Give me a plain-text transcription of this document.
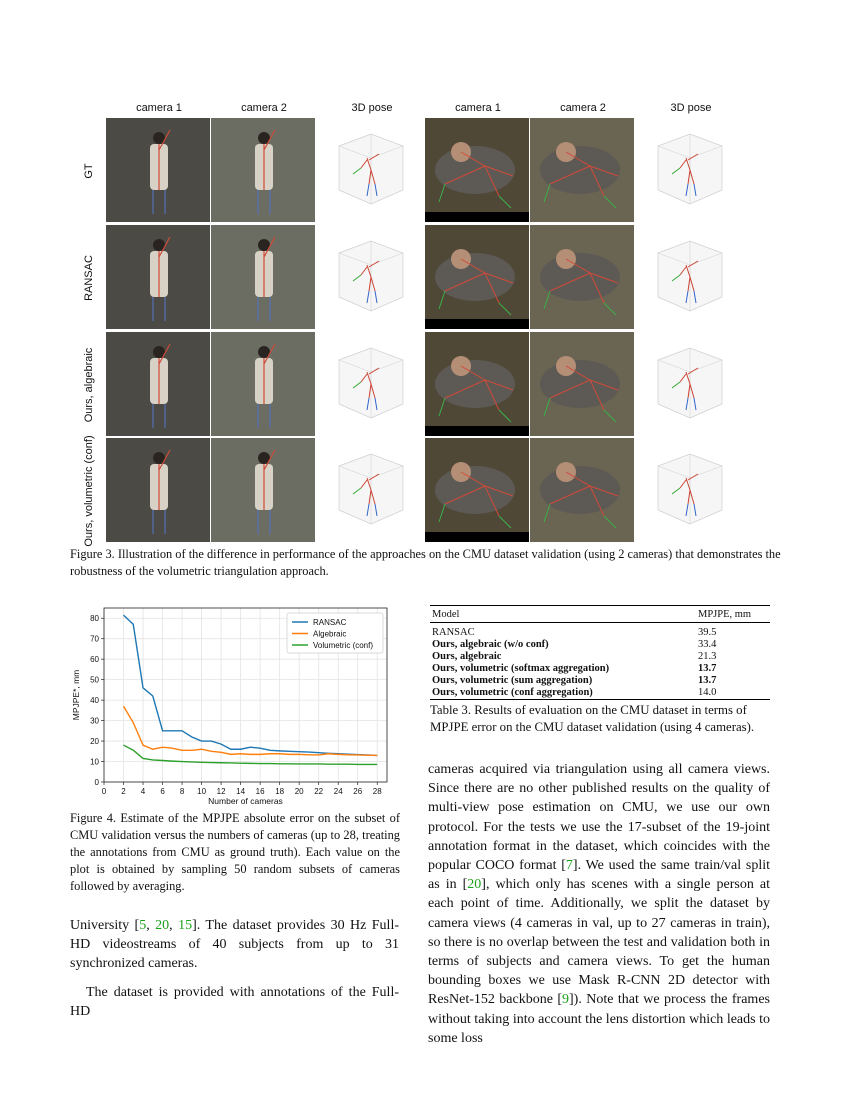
camera 1	camera 2	3D pose	camera 1	camera 2	3D pose
GT
RANSAC
Ours, algebraic
Ours, volumetric (conf)
Figure 3. Illustration of the difference in performance of the approaches on the CMU dataset validation (using 2 cameras) that demonstrates the robustness of the volumetric triangulation approach.
0 2 4 6 8 10 12 14 16 18 20 22 24 26 28
0
10
20
30
40
50
60
70
80
Number of cameras
MPJPE*, mm
RANSAC
Algebraic
Volumetric (conf)
Figure 4. Estimate of the MPJPE absolute error on the subset of CMU validation versus the numbers of cameras (up to 28, treating the annotations from CMU as ground truth). Each value on the plot is obtained by sampling 50 random subsets of cameras followed by averaging.
Model	MPJPE, mm
RANSAC	39.5
Ours, algebraic (w/o conf)	33.4
Ours, algebraic	21.3
Ours, volumetric (softmax aggregation)	13.7
Ours, volumetric (sum aggregation)	13.7
Ours, volumetric (conf aggregation)	14.0
Table 3. Results of evaluation on the CMU dataset in terms of MPJPE error on the CMU dataset validation (using 4 cameras).

University [5, 20, 15]. The dataset provides 30 Hz Full-HD videostreams of 40 subjects from up to 31 synchronized cameras.

The dataset is provided with annotations of the Full-HD

cameras acquired via triangulation using all camera views. Since there are no other published results on the quality of multi-view pose estimation on CMU, we use our own protocol. For the tests we use the 17-subset of the 19-joint annotation format in the dataset, which coincides with the popular COCO format [7]. We used the same train/val split as in [20], which only has scenes with a single person at each point of time. Additionally, we split the dataset by camera views (4 cameras in val, up to 27 cameras in train), so there is no overlap between the test and validation both in terms of subjects and camera views. To get the human bounding boxes we use Mask R-CNN 2D detector with ResNet-152 backbone [9]). Note that we process the frames without taking into account the lens distortion which leads to some loss
